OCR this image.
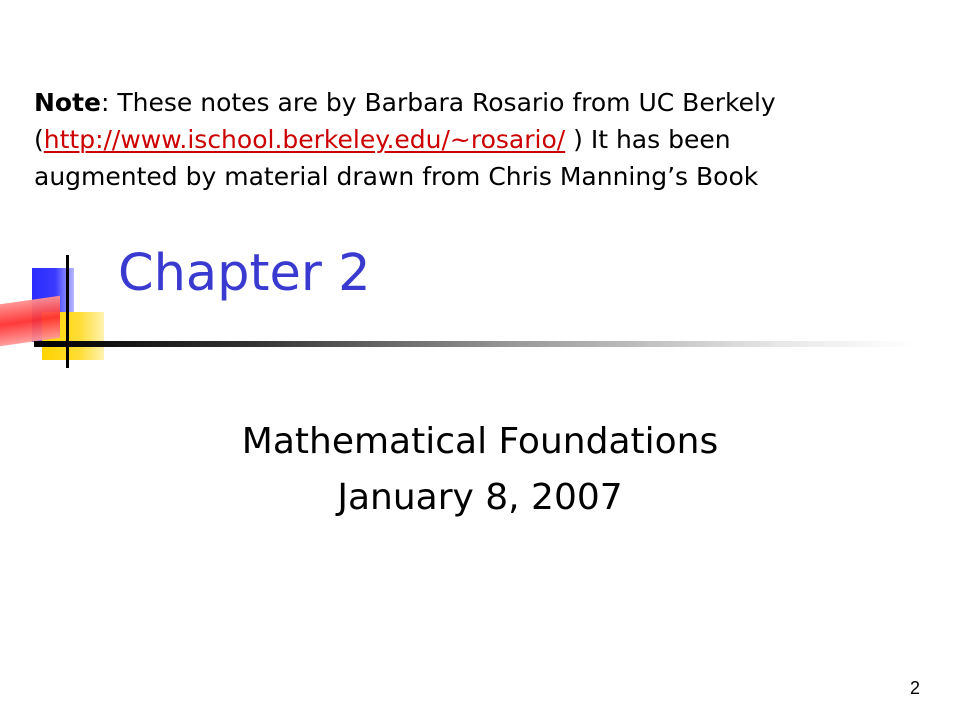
Note: These notes are by Barbara Rosario from UC Berkely
(http://www.ischool.berkeley.edu/~rosario/ ) It has been
augmented by material drawn from Chris Manning’s Book
Chapter 2
Mathematical Foundations
January 8, 2007
2
